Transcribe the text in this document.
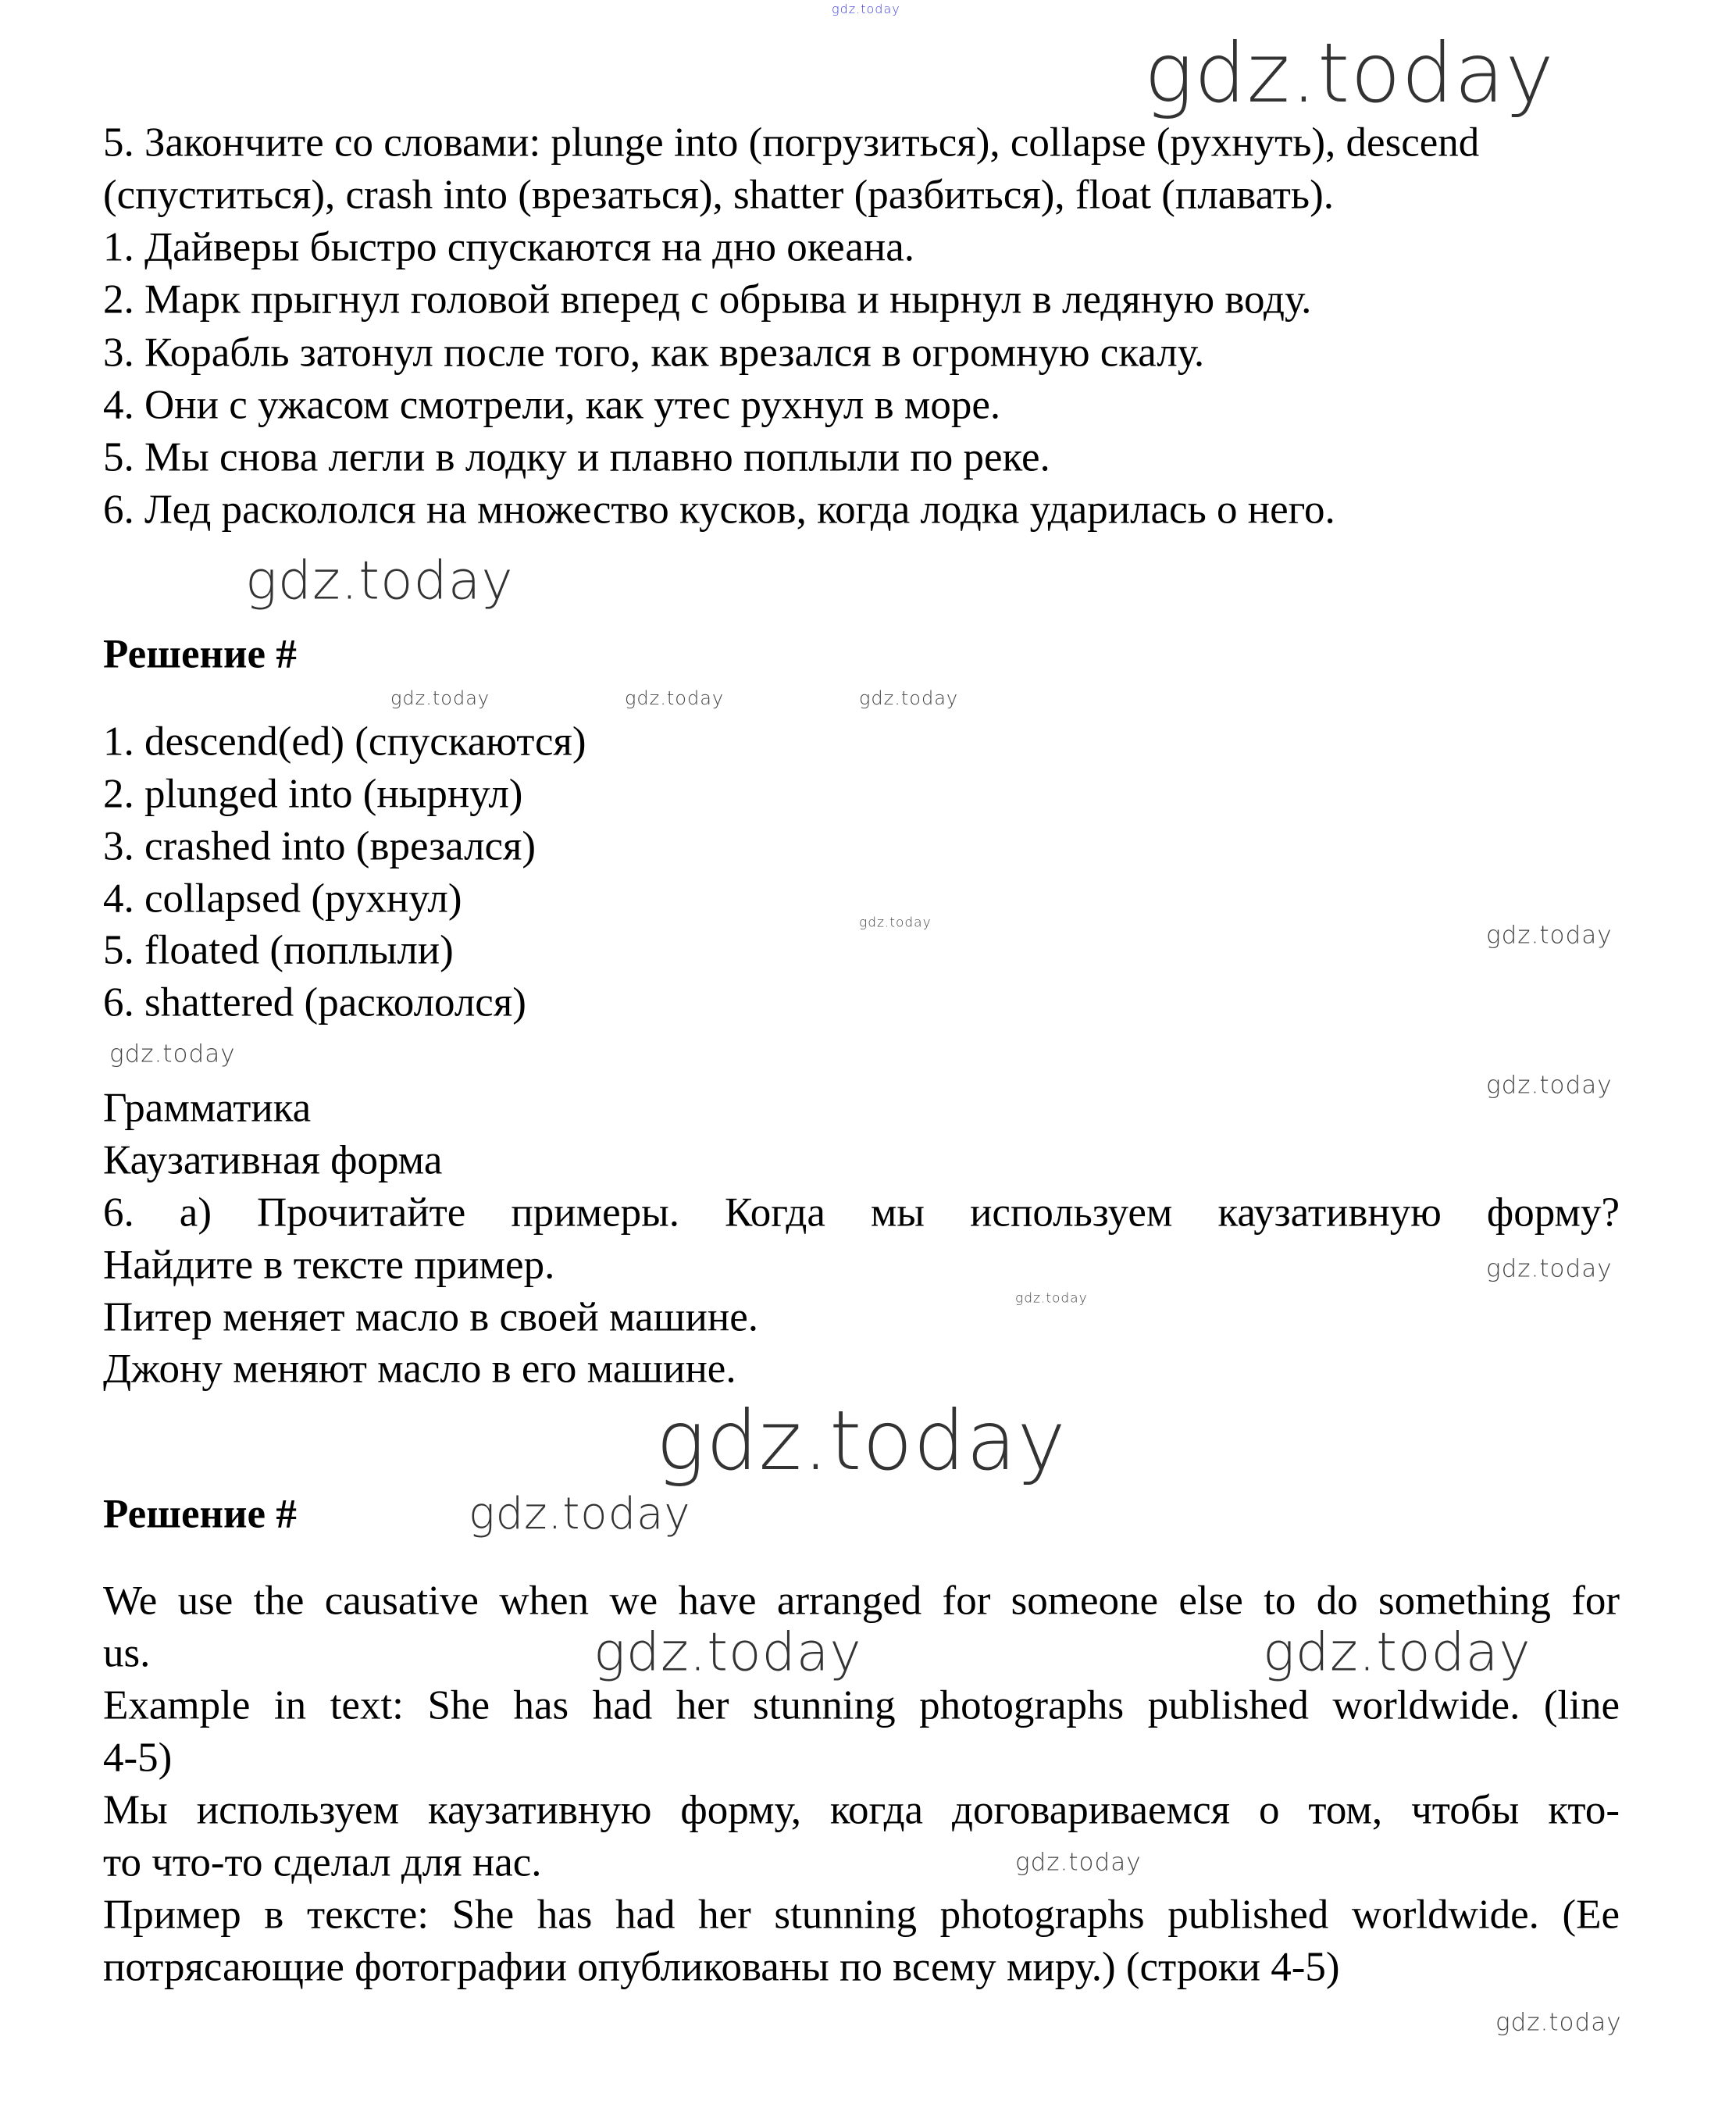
5. Закончите со словами: plunge into (погрузиться), collapse (рухнуть), descend
(спуститься), crash into (врезаться), shatter (разбиться), float (плавать).
1. Дайверы быстро спускаются на дно океана.
2. Марк прыгнул головой вперед с обрыва и нырнул в ледяную воду.
3. Корабль затонул после того, как врезался в огромную скалу.
4. Они с ужасом смотрели, как утес рухнул в море.
5. Мы снова легли в лодку и плавно поплыли по реке.
6. Лед раскололся на множество кусков, когда лодка ударилась о него.
Решение #
1. descend(ed) (спускаются)
2. plunged into (нырнул)
3. crashed into (врезался)
4. collapsed (рухнул)
5. floated (поплыли)
6. shattered (раскололся)
Грамматика
Каузативная форма
6. а) Прочитайте примеры. Когда мы используем каузативную форму?
Найдите в тексте пример.
Питер меняет масло в своей машине.
Джону меняют масло в его машине.
Решение #
We use the causative when we have arranged for someone else to do something for
us.
Example in text: She has had her stunning photographs published worldwide. (line
4-5)
Мы используем каузативную форму, когда договариваемся о том, чтобы кто-
то что-то сделал для нас.
Пример в тексте: She has had her stunning photographs published worldwide. (Ее
потрясающие фотографии опубликованы по всему миру.) (строки 4-5)
gdz.today
gdz.today
gdz.today
gdz.today	gdz.today	gdz.today
gdz.today	gdz.today
gdz.today
gdz.today
gdz.today
gdz.today
gdz.today
gdz.today
gdz.today	gdz.today
gdz.today
gdz.today
